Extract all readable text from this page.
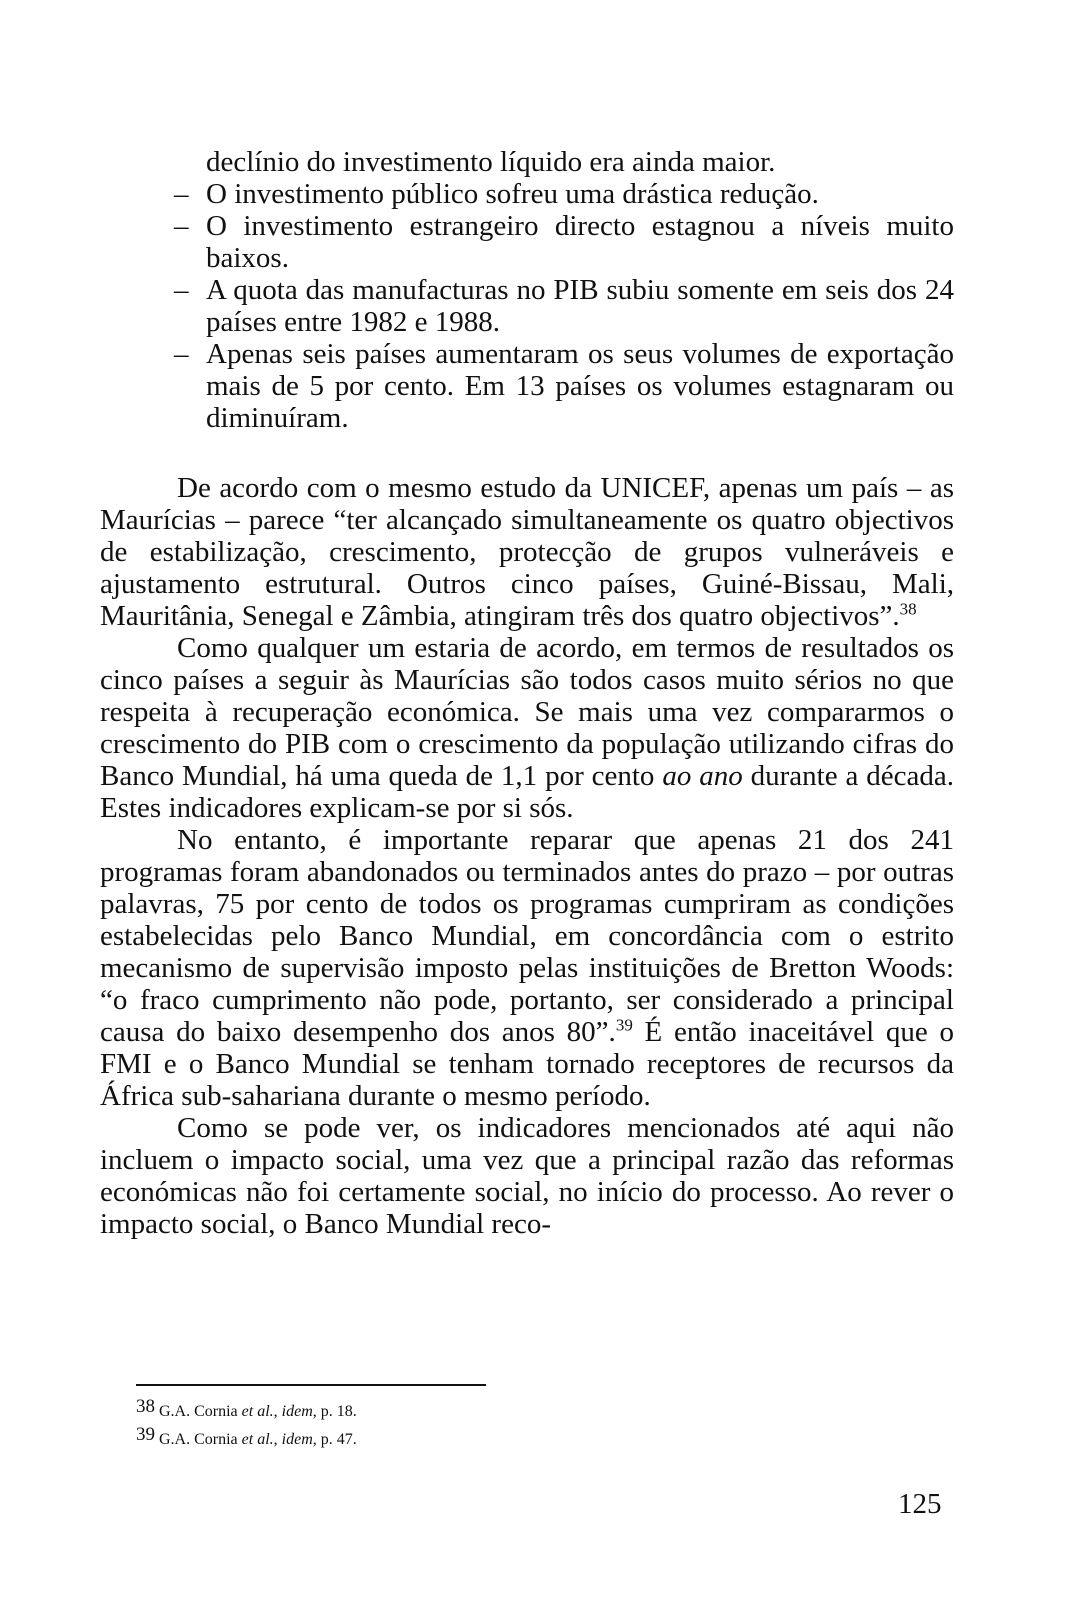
declínio do investimento líquido era ainda maior.

– O investimento público sofreu uma drástica redução.

– O investimento estrangeiro directo estagnou a níveis muito baixos.

– A quota das manufacturas no PIB subiu somente em seis dos 24 países entre 1982 e 1988.

– Apenas seis países aumentaram os seus volumes de exportação mais de 5 por cento. Em 13 países os volumes estagnaram ou diminuíram.

De acordo com o mesmo estudo da UNICEF, apenas um país – as Maurícias – parece “ter alcançado simultaneamente os quatro objectivos de estabilização, crescimento, protecção de grupos vulneráveis e ajustamento estrutural. Outros cinco países, Guiné-Bissau, Mali, Mauritânia, Senegal e Zâmbia, atingiram três dos quatro objectivos”.$^{38}$

Como qualquer um estaria de acordo, em termos de resultados os cinco países a seguir às Maurícias são todos casos muito sérios no que respeita à recuperação económica. Se mais uma vez compararmos o crescimento do PIB com o crescimento da população utilizando cifras do Banco Mundial, há uma queda de 1,1 por cento ao ano durante a década. Estes indicadores explicam-se por si sós.

No entanto, é importante reparar que apenas 21 dos 241 programas foram abandonados ou terminados antes do prazo – por outras palavras, 75 por cento de todos os programas cumpriram as condições estabelecidas pelo Banco Mundial, em concordância com o estrito mecanismo de supervisão imposto pelas instituições de Bretton Woods: “o fraco cumprimento não pode, portanto, ser considerado a principal causa do baixo desempenho dos anos 80”.$^{39}$ É então inaceitável que o FMI e o Banco Mundial se tenham tornado receptores de recursos da África sub-sahariana durante o mesmo período.

Como se pode ver, os indicadores mencionados até aqui não incluem o impacto social, uma vez que a principal razão das reformas económicas não foi certamente social, no início do processo. Ao rever o impacto social, o Banco Mundial reco-

38 G.A. Cornia et al., idem, p. 18.
39 G.A. Cornia et al., idem, p. 47.
125
